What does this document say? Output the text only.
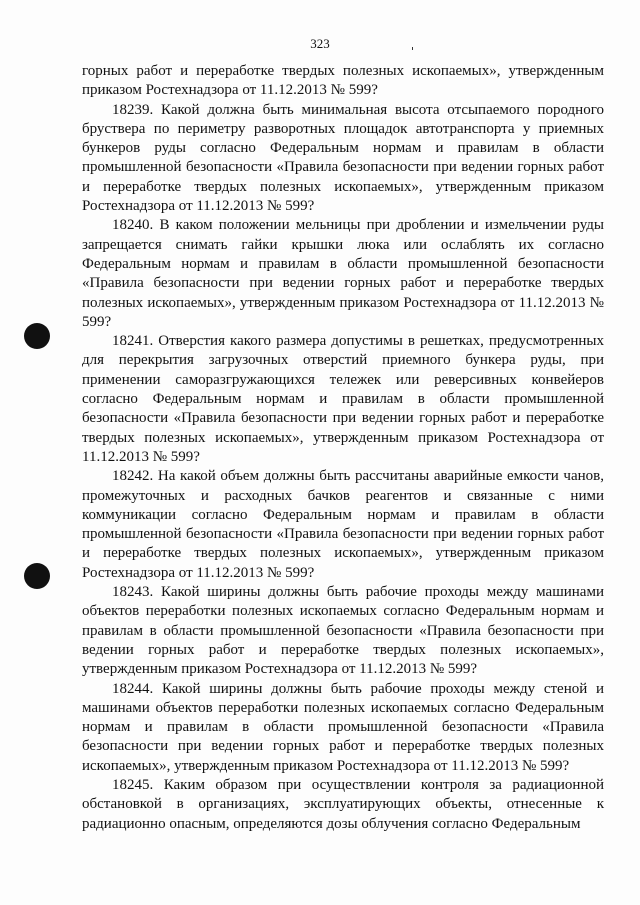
323

горных работ и переработке твердых полезных ископаемых», утвержденным приказом Ростехнадзора от 11.12.2013 № 599?

18239. Какой должна быть минимальная высота отсыпаемого породного бруствера по периметру разворотных площадок автотранспорта у приемных бункеров руды согласно Федеральным нормам и правилам в области промышленной безопасности «Правила безопасности при ведении горных работ и переработке твердых полезных ископаемых», утвержденным приказом Ростехнадзора от 11.12.2013 № 599?

18240. В каком положении мельницы при дроблении и измельчении руды запрещается снимать гайки крышки люка или ослаблять их согласно Федеральным нормам и правилам в области промышленной безопасности «Правила безопасности при ведении горных работ и переработке твердых полезных ископаемых», утвержденным приказом Ростехнадзора от 11.12.2013 № 599?

18241. Отверстия какого размера допустимы в решетках, предусмотренных для перекрытия загрузочных отверстий приемного бункера руды, при применении саморазгружающихся тележек или реверсивных конвейеров согласно Федеральным нормам и правилам в области промышленной безопасности «Правила безопасности при ведении горных работ и переработке твердых полезных ископаемых», утвержденным приказом Ростехнадзора от 11.12.2013 № 599?

18242. На какой объем должны быть рассчитаны аварийные емкости чанов, промежуточных и расходных бачков реагентов и связанные с ними коммуникации согласно Федеральным нормам и правилам в области промышленной безопасности «Правила безопасности при ведении горных работ и переработке твердых полезных ископаемых», утвержденным приказом Ростехнадзора от 11.12.2013 № 599?

18243. Какой ширины должны быть рабочие проходы между машинами объектов переработки полезных ископаемых согласно Федеральным нормам и правилам в области промышленной безопасности «Правила безопасности при ведении горных работ и переработке твердых полезных ископаемых», утвержденным приказом Ростехнадзора от 11.12.2013 № 599?

18244. Какой ширины должны быть рабочие проходы между стеной и машинами объектов переработки полезных ископаемых согласно Федеральным нормам и правилам в области промышленной безопасности «Правила безопасности при ведении горных работ и переработке твердых полезных ископаемых», утвержденным приказом Ростехнадзора от 11.12.2013 № 599?

18245. Каким образом при осуществлении контроля за радиационной обстановкой в организациях, эксплуатирующих объекты, отнесенные к радиационно опасным, определяются дозы облучения согласно Федеральным
